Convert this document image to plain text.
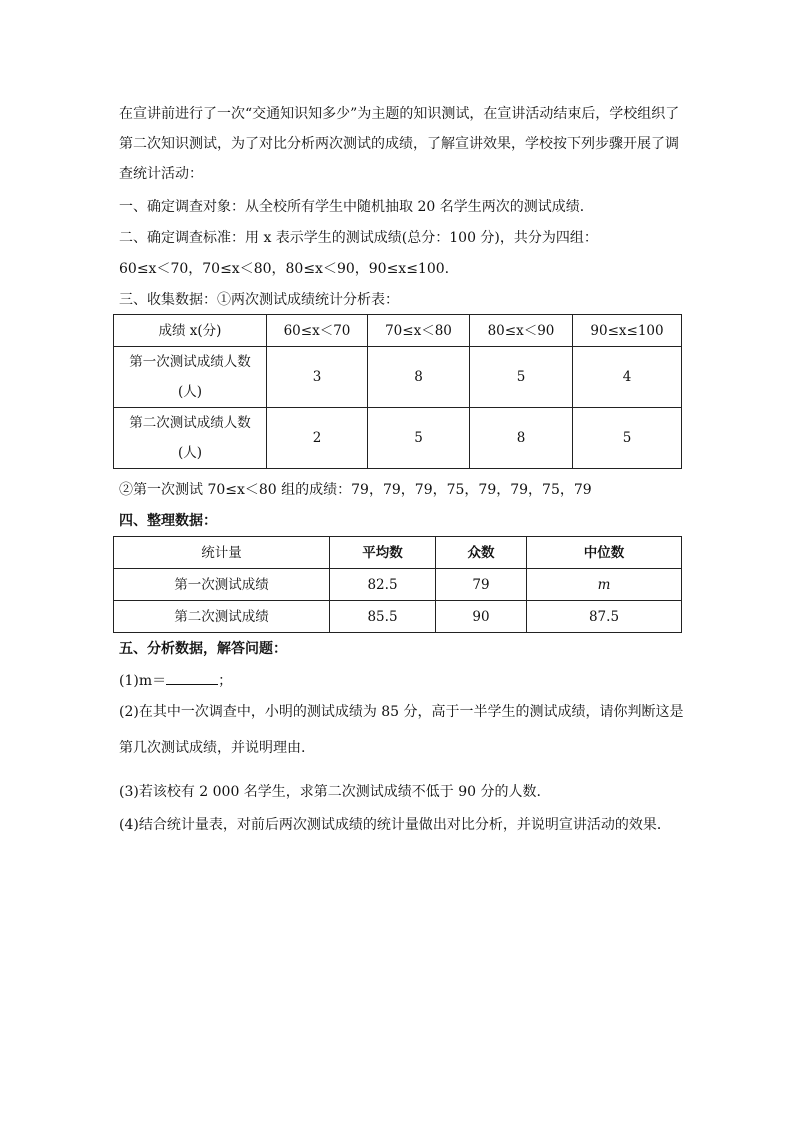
在宣讲前进行了一次“交通知识知多少”为主题的知识测试，在宣讲活动结束后，学校组织了
第二次知识测试，为了对比分析两次测试的成绩，了解宣讲效果，学校按下列步骤开展了调
查统计活动：
一、确定调查对象：从全校所有学生中随机抽取 20 名学生两次的测试成绩．
二、确定调查标准：用 x 表示学生的测试成绩(总分：100 分)，共分为四组：
60≤x＜70，70≤x＜80，80≤x＜90，90≤x≤100.
三、收集数据：①两次测试成绩统计分析表：
成绩 x(分)	60≤x＜70	70≤x＜80	80≤x＜90	90≤x≤100

第一次测试成绩人数
(人)	3	8	5	4

第二次测试成绩人数
(人)	2	5	8	5
②第一次测试 70≤x＜80 组的成绩：79，79，79，75，79，79，75，79
四、整理数据：
统计量	平均数	众数	中位数
第一次测试成绩	82.5	79	m
第二次测试成绩	85.5	90	87.5
五、分析数据，解答问题：
(1)m＝	；
(2)在其中一次调查中，小明的测试成绩为 85 分，高于一半学生的测试成绩，请你判断这是
第几次测试成绩，并说明理由.
(3)若该校有 2 000 名学生，求第二次测试成绩不低于 90 分的人数.
(4)结合统计量表，对前后两次测试成绩的统计量做出对比分析，并说明宣讲活动的效果．
